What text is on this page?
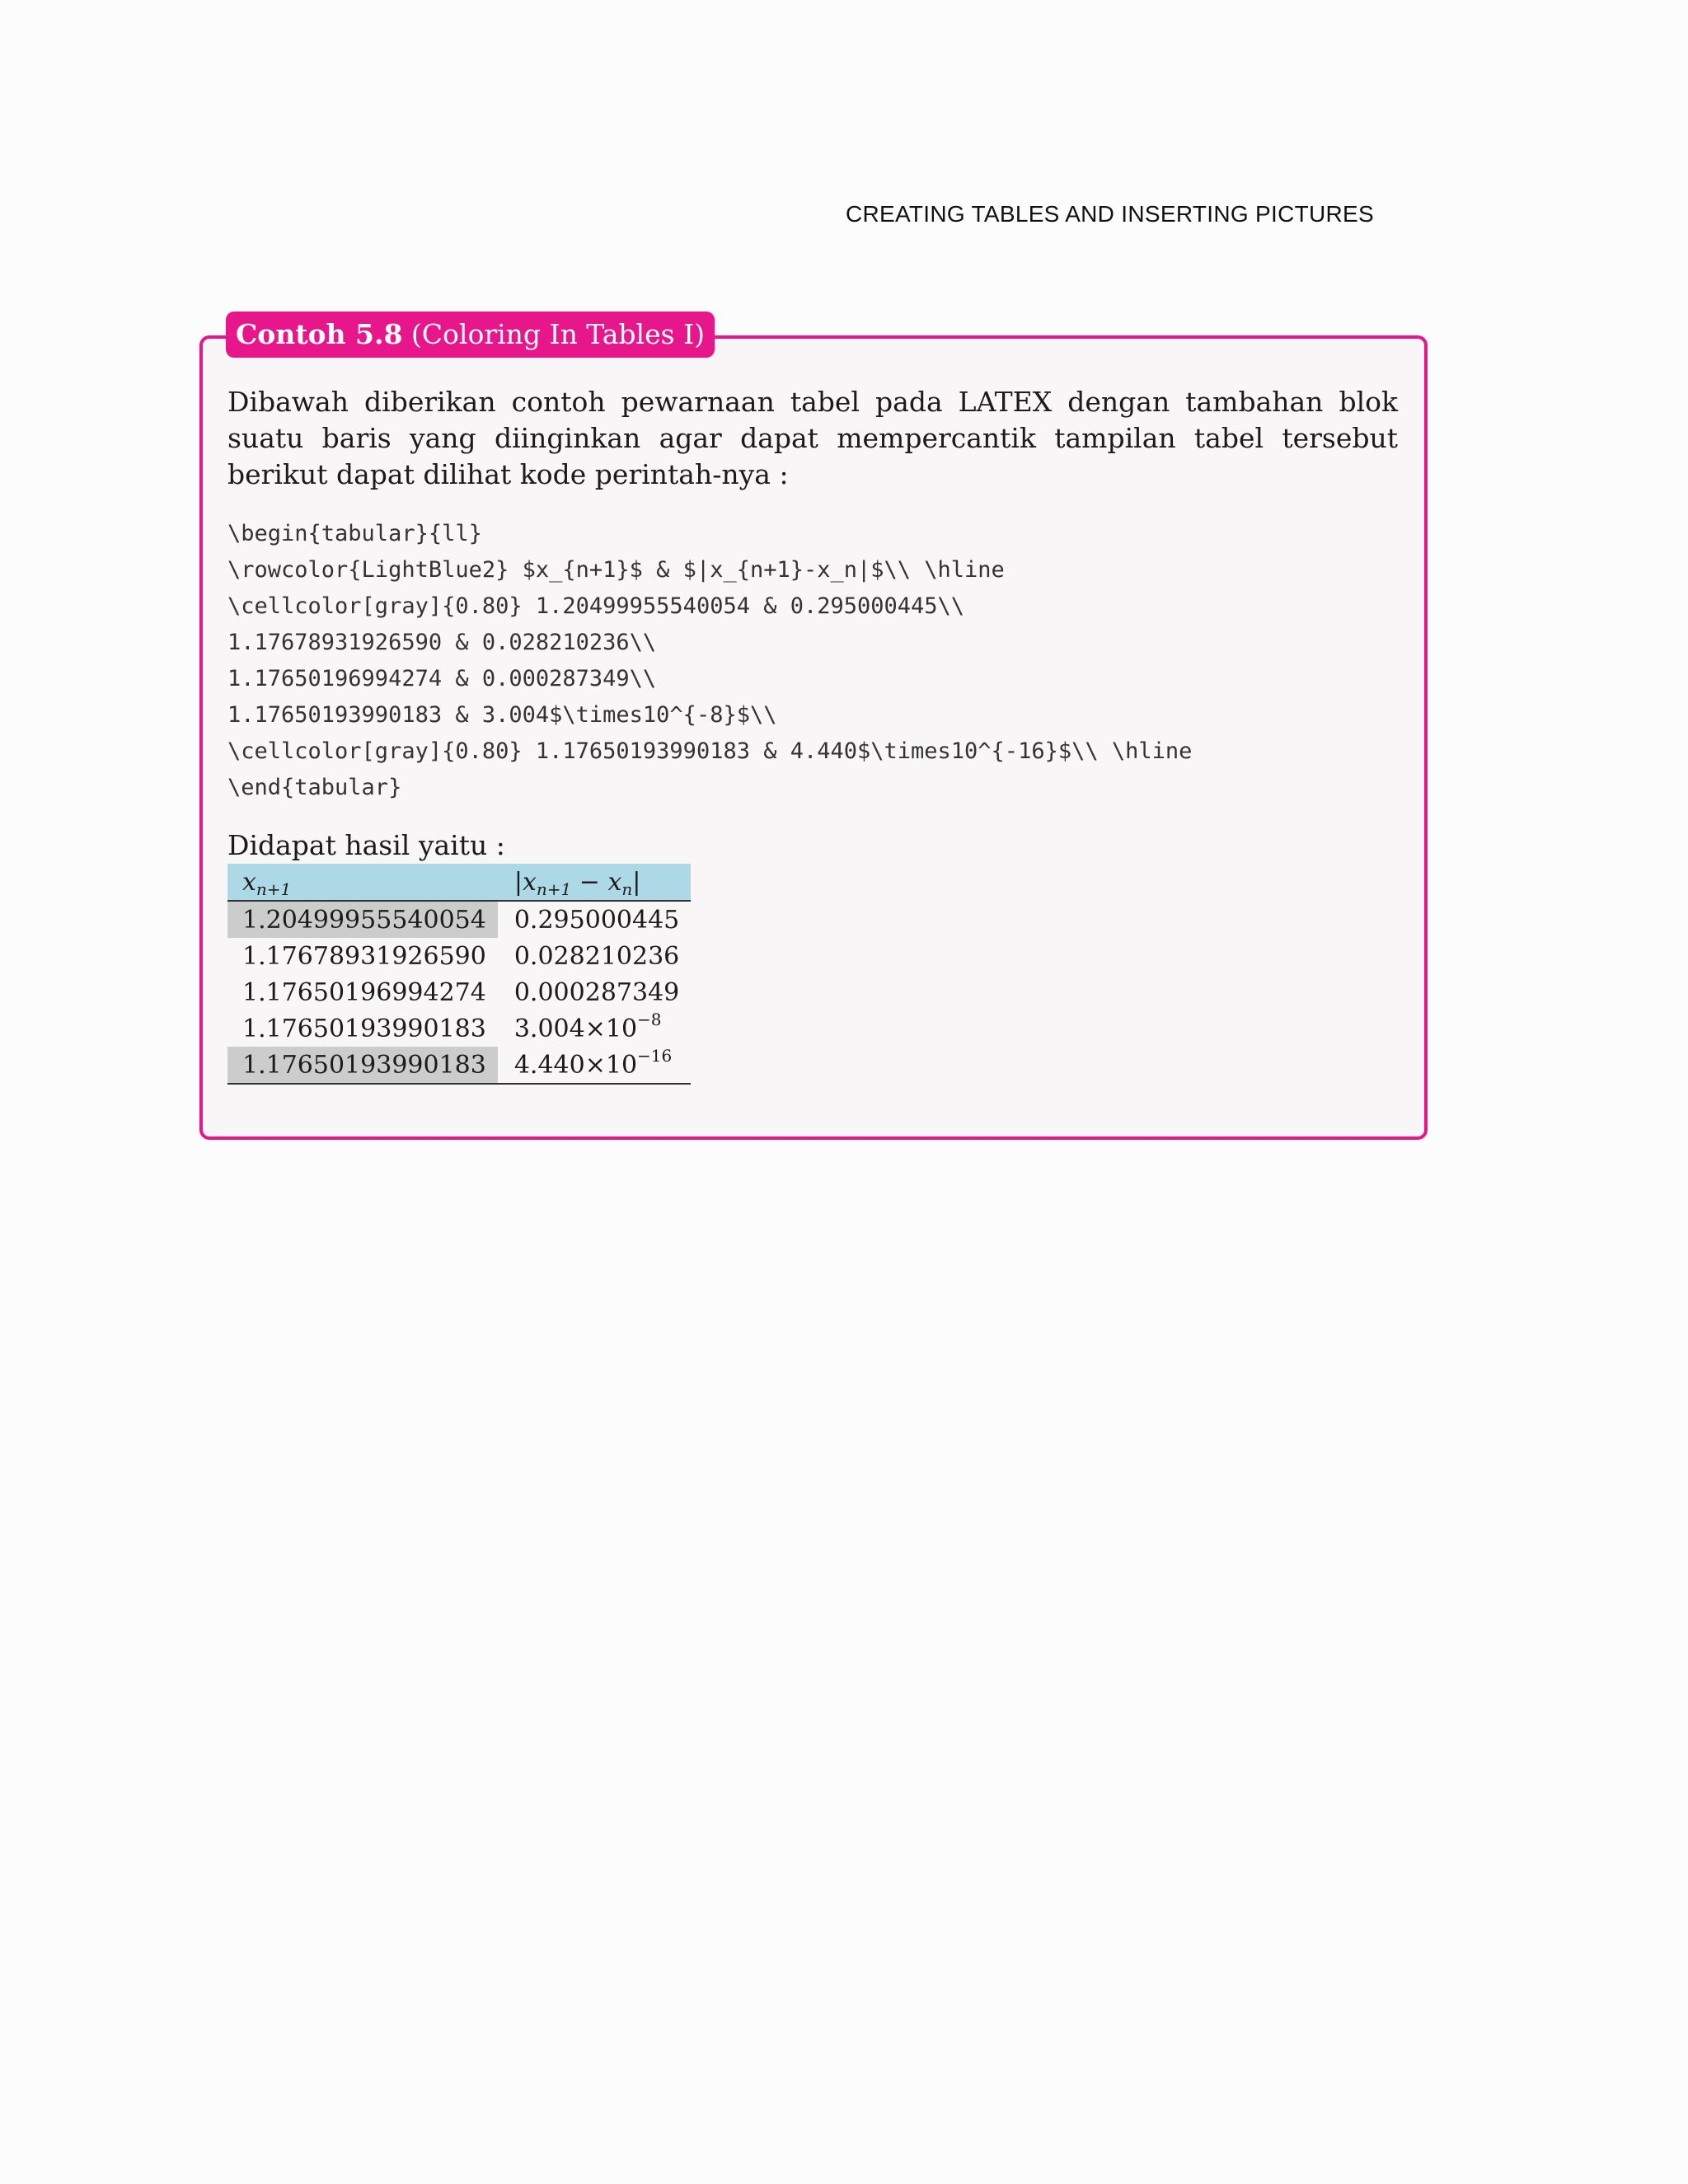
CREATING TABLES AND INSERTING PICTURES
Contoh 5.8 (Coloring In Tables I)

Dibawah diberikan contoh pewarnaan tabel pada LATEX dengan tambahan blok suatu baris yang diinginkan agar dapat mempercantik tampilan tabel tersebut berikut dapat dilihat kode perintah-nya :

\begin{tabular}{ll}
\rowcolor{LightBlue2} $x_{n+1}$ & $|x_{n+1}-x_n|$\\ \hline
\cellcolor[gray]{0.80} 1.20499955540054 & 0.295000445\\
1.17678931926590 & 0.028210236\\
1.17650196994274 & 0.000287349\\
1.17650193990183 & 3.004$\times10^{-8}$\\
\cellcolor[gray]{0.80} 1.17650193990183 & 4.440$\times10^{-16}$\\ \hline
\end{tabular}

Didapat hasil yaitu :

$x_{n+1}$	$|x_{n+1} - x_n|$
1.20499955540054	0.295000445
1.17678931926590	0.028210236
1.17650196994274	0.000287349
1.17650193990183	$3.004\times 10^{-8}$
1.17650193990183	$4.440\times 10^{-16}$
